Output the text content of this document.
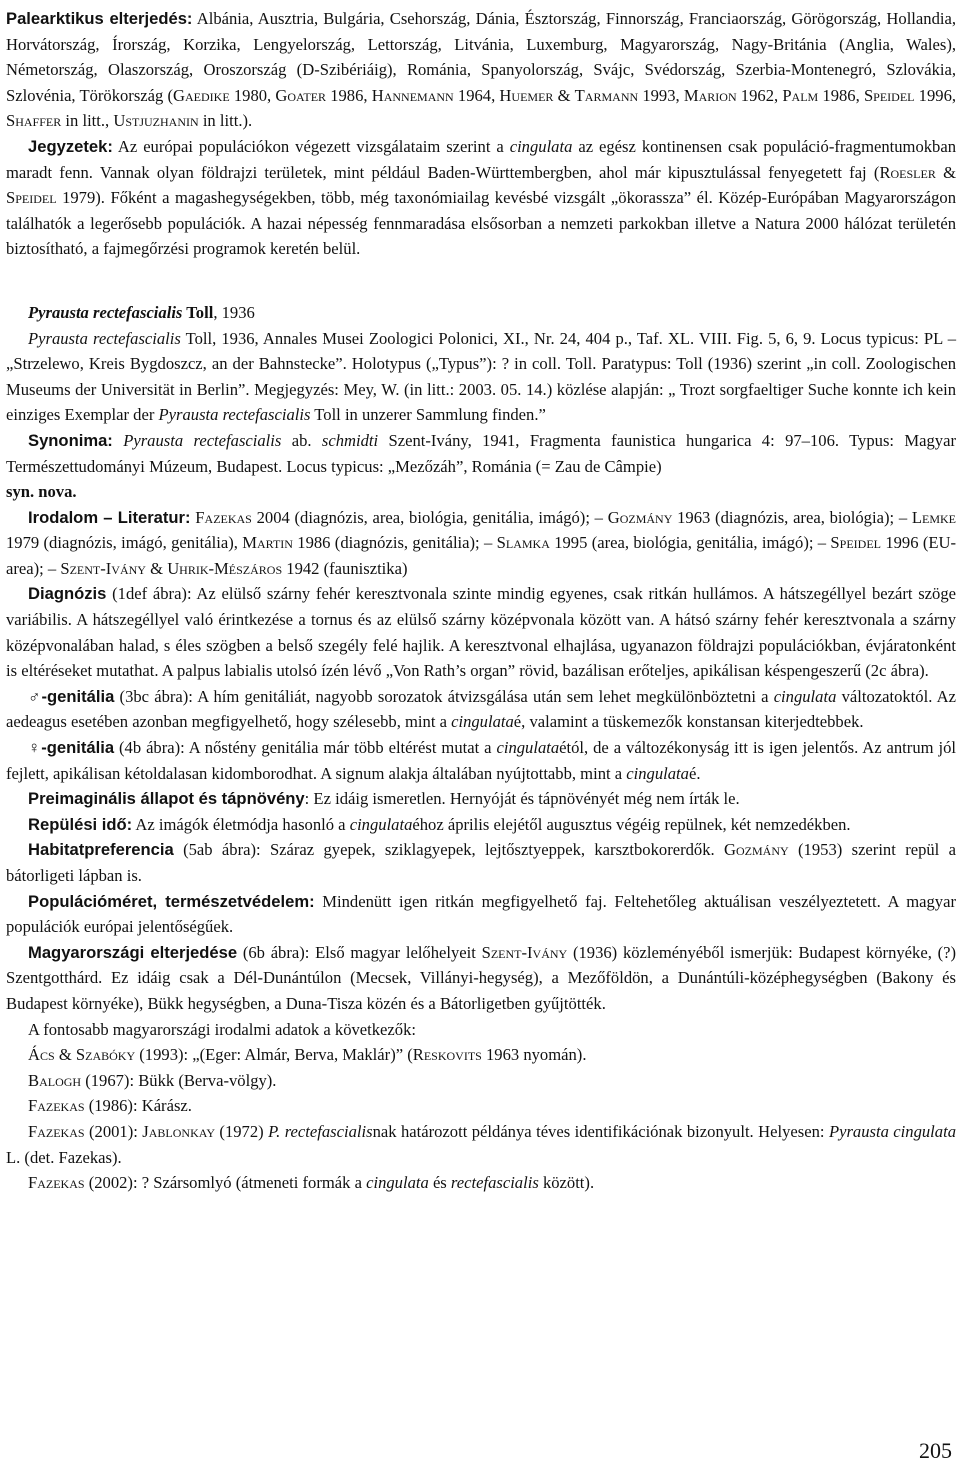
Palearktikus elterjedés: Albánia, Ausztria, Bulgária, Csehország, Dánia, Észtország, Finnország, Franciaország, Görögország, Hollandia, Horvátország, Írország, Korzika, Lengyelország, Lettország, Litvánia, Luxemburg, Magyarország, Nagy-Británia (Anglia, Wales), Németország, Olaszország, Oroszország (D-Szibériáig), Románia, Spanyolország, Svájc, Svédország, Szerbia-Montenegró, Szlovákia, Szlovénia, Törökország (Gaedike 1980, Goater 1986, Hannemann 1964, Huemer & Tarmann 1993, Marion 1962, Palm 1986, Speidel 1996, Shaffer in litt., Ustjuzhanin in litt.).

Jegyzetek: Az európai populációkon végezett vizsgálataim szerint a cingulata az egész kontinensen csak populáció-fragmentumokban maradt fenn. Vannak olyan földrajzi területek, mint például Baden-Württembergben, ahol már kipusztulással fenyegetett faj (Roesler & Speidel 1979). Főként a magashegységekben, több, még taxonómiailag kevésbé vizsgált „ökorassza” él. Közép-Európában Magyarországon találhatók a legerősebb populációk. A hazai népesség fennmaradása elsősorban a nemzeti parkokban illetve a Natura 2000 hálózat területén biztosítható, a fajmegőrzési programok keretén belül.

Pyrausta rectefascialis Toll, 1936

Pyrausta rectefascialis Toll, 1936, Annales Musei Zoologici Polonici, XI., Nr. 24, 404 p., Taf. XL. VIII. Fig. 5, 6, 9. Locus typicus: PL – „Strzelewo, Kreis Bygdoszcz, an der Bahnstecke”. Holotypus („Typus”): ? in coll. Toll. Paratypus: Toll (1936) szerint „in coll. Zoologischen Museums der Universität in Berlin”. Megjegyzés: Mey, W. (in litt.: 2003. 05. 14.) közlése alapján: „ Trozt sorgfaeltiger Suche konnte ich kein einziges Exemplar der Pyrausta rectefascialis Toll in unzerer Sammlung finden.”

Synonima: Pyrausta rectefascialis ab. schmidti Szent-Ivány, 1941, Fragmenta faunistica hungarica 4: 97–106. Typus: Magyar Természettudományi Múzeum, Budapest. Locus typicus: „Mezőzáh”, Románia (= Zau de Câmpie)

syn. nova.

Irodalom – Literatur: Fazekas 2004 (diagnózis, area, biológia, genitália, imágó); – Gozmány 1963 (diagnózis, area, biológia); – Lemke 1979 (diagnózis, imágó, genitália), Martin 1986 (diagnózis, genitália); – Slamka 1995 (area, biológia, genitália, imágó); – Speidel 1996 (EU-area); – Szent-Ivány & Uhrik-Mészáros 1942 (faunisztika)

Diagnózis (1def ábra): Az elülső szárny fehér keresztvonala szinte mindig egyenes, csak ritkán hullámos. A hátszegéllyel bezárt szöge variábilis. A hátszegéllyel való érintkezése a tornus és az elülső szárny középvonala között van. A hátsó szárny fehér keresztvonala a szárny középvonalában halad, s éles szögben a belső szegély felé hajlik. A keresztvonal elhajlása, ugyanazon földrajzi populációkban, évjáratonként is eltéréseket mutathat. A palpus labialis utolsó ízén lévő „Von Rath’s organ” rövid, bazálisan erőteljes, apikálisan késpengeszerű (2c ábra).

♂-genitália (3bc ábra): A hím genitáliát, nagyobb sorozatok átvizsgálása után sem lehet megkülönböztetni a cingulata változatoktól. Az aedeagus esetében azonban megfigyelhető, hogy szélesebb, mint a cingulataé, valamint a tüskemezők konstansan kiterjedtebbek.

♀-genitália (4b ábra): A nőstény genitália már több eltérést mutat a cingulataétól, de a változékonyság itt is igen jelentős. Az antrum jól fejlett, apikálisan kétoldalasan kidomborodhat. A signum alakja általában nyújtottabb, mint a cingulataé.

Preimaginális állapot és tápnövény: Ez idáig ismeretlen. Hernyóját és tápnövényét még nem írták le.

Repülési idő: Az imágók életmódja hasonló a cingulataéhoz április elejétől augusztus végéig repülnek, két nemzedékben.

Habitatpreferencia (5ab ábra): Száraz gyepek, sziklagyepek, lejtősztyeppek, karsztbokorerdők. Gozmány (1953) szerint repül a bátorligeti lápban is.

Populációméret, természetvédelem: Mindenütt igen ritkán megfigyelhető faj. Feltehetőleg aktuálisan veszélyeztetett. A magyar populációk európai jelentőségűek.

Magyarországi elterjedése (6b ábra): Első magyar lelőhelyeit Szent-Ivány (1936) közleményéből ismerjük: Budapest környéke, (?) Szentgotthárd. Ez idáig csak a Dél-Dunántúlon (Mecsek, Villányi-hegység), a Mezőföldön, a Dunántúli-középhegységben (Bakony és Budapest környéke), Bükk hegységben, a Duna-Tisza közén és a Bátorligetben gyűjtötték.

A fontosabb magyarországi irodalmi adatok a következők:

Ács & Szabóky (1993): „(Eger: Almár, Berva, Maklár)” (Reskovits 1963 nyomán).

Balogh (1967): Bükk (Berva-völgy).

Fazekas (1986): Kárász.

Fazekas (2001): Jablonkay (1972) P. rectefascialisnak határozott példányа téves identifikációnak bizonyult. Helyesen: Pyrausta cingulata L. (det. Fazekas).

Fazekas (2002): ? Szársomlyó (átmeneti formák a cingulata és rectefascialis között).

205
